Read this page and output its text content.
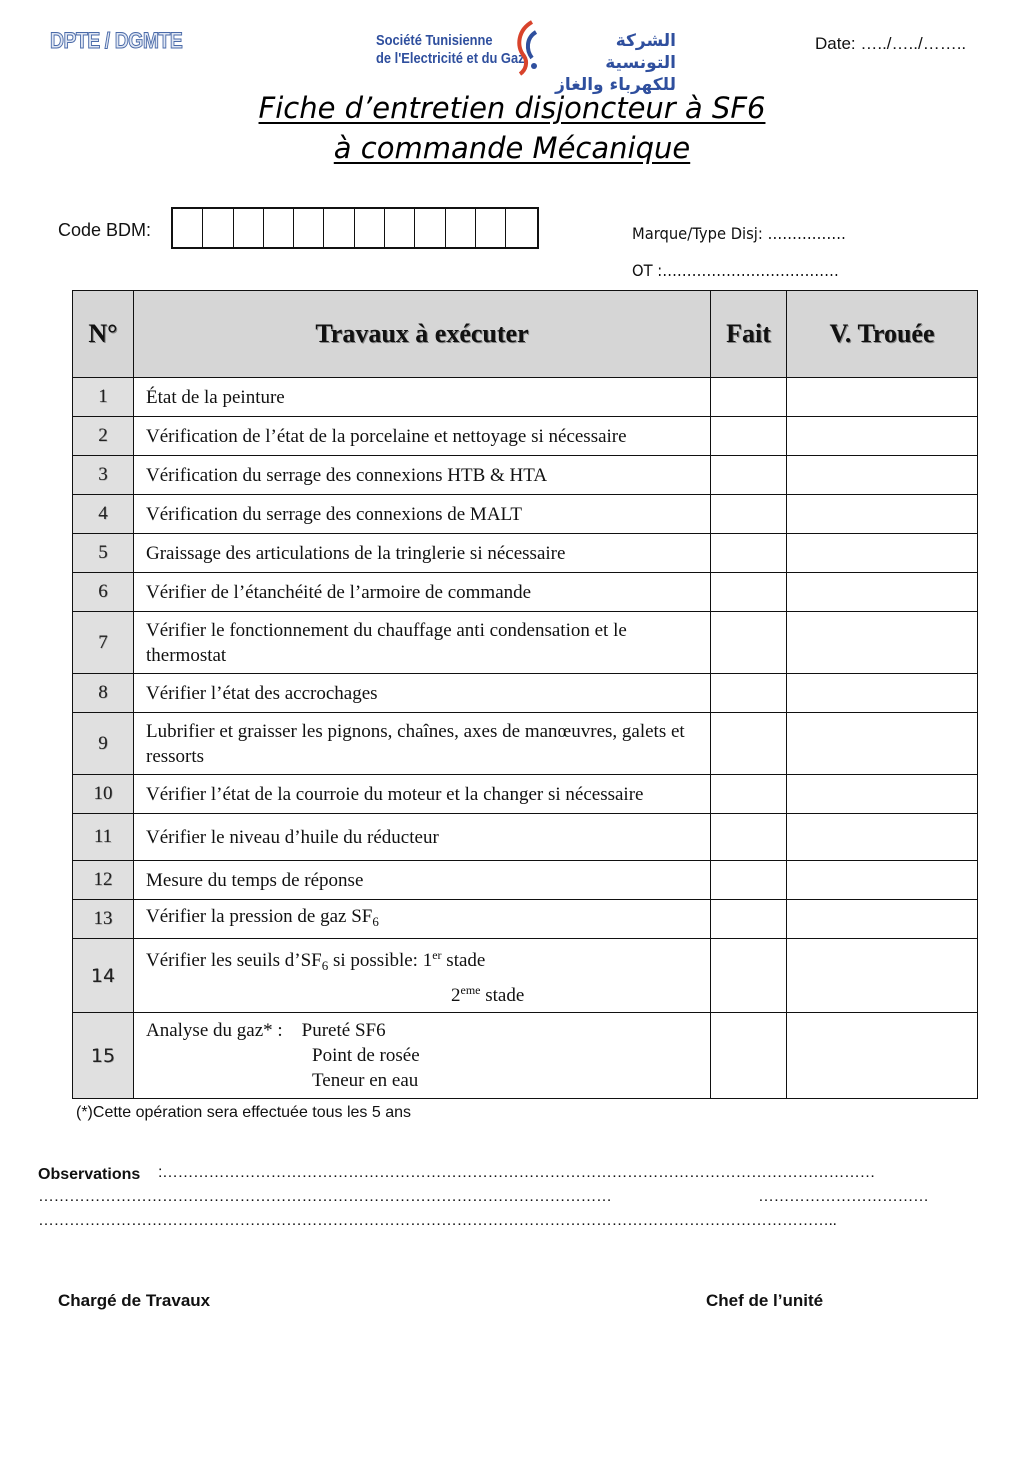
DPTE / DGMTE	Société Tunisienne
de l'Electricité et du Gaz
الشركة التونسية
للكهرباء والغاز
Date: …../…../……..
Fiche d’entretien disjoncteur à SF6
à commande Mécanique
Code BDM:	Marque/Type Disj: …………….
OT :………………………………
N°	Travaux à exécuter	Fait	V. Trouée
1	État de la peinture		
2	Vérification de l’état de la porcelaine et nettoyage si nécessaire		
3	Vérification du serrage des connexions HTB & HTA		
4	Vérification du serrage des connexions de MALT		
5	Graissage des articulations de la tringlerie si nécessaire		
6	Vérifier de l’étanchéité de l’armoire de commande		
7	Vérifier le fonctionnement du chauffage anti condensation et le thermostat		
8	Vérifier l’état des accrochages		
9	Lubrifier et graisser les pignons, chaînes, axes de manœuvres, galets et ressorts		
10	Vérifier l’état de la courroie du moteur et la changer si nécessaire		
11	Vérifier le niveau d’huile du réducteur		
12	Mesure du temps de réponse		
13	Vérifier la pression de gaz $SF_6$		
14	Vérifier les seuils $d’SF_6$ si possible: 1er stade
2eme stade		

15	Analyse du gaz* :    Pureté SF6
Point de rosée
Teneur en eau		

(*)Cette opération sera effectuée tous les 5 ans
Observations :…………………………………………………………………………………………………………………………
…………………………………………………………………………………………………	……………………………
………………………………………………………………………………………………………………………………………..
Chargé de Travaux	Chef de l’unité
